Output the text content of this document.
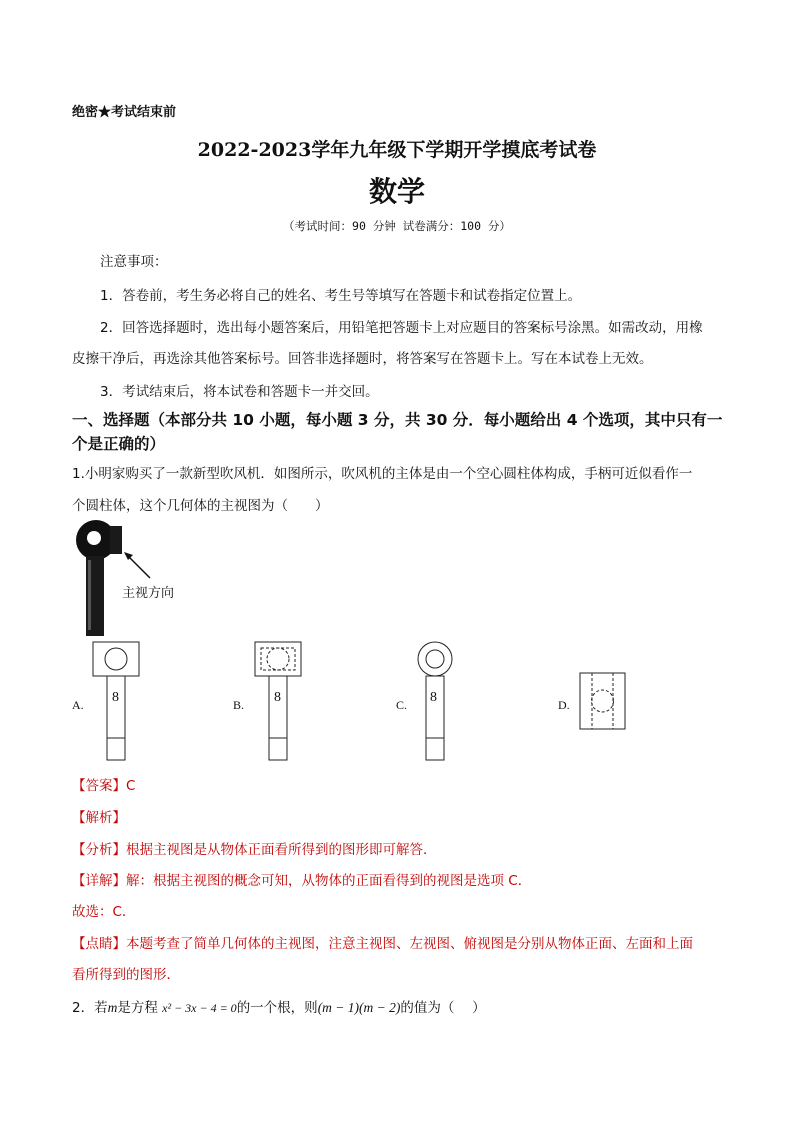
绝密★考试结束前
2022-2023学年九年级下学期开学摸底考试卷
数学
（考试时间：90 分钟 试卷满分：100 分）
注意事项：
1．答卷前，考生务必将自己的姓名、考生号等填写在答题卡和试卷指定位置上。
2．回答选择题时，选出每小题答案后，用铅笔把答题卡上对应题目的答案标号涂黑。如需改动，用橡
皮擦干净后，再选涂其他答案标号。回答非选择题时，将答案写在答题卡上。写在本试卷上无效。
3．考试结束后，将本试卷和答题卡一并交回。
一、选择题（本部分共 10 小题，每小题 3 分，共 30 分．每小题给出 4 个选项，其中只有一
个是正确的）
1.小明家购买了一款新型吹风机．如图所示，吹风机的主体是由一个空心圆柱体构成，手柄可近似看作一
个圆柱体，这个几何体的主视图为（　　）
主视方向
A. 8	B. 8	C. 8	D.
【答案】C
【解析】
【分析】根据主视图是从物体正面看所得到的图形即可解答．
【详解】解：根据主视图的概念可知，从物体的正面看得到的视图是选项 C．
故选：C．
【点睛】本题考查了简单几何体的主视图，注意主视图、左视图、俯视图是分别从物体正面、左面和上面
看所得到的图形．
2．若m是方程 x² − 3x − 4 = 0的一个根，则(m − 1)(m − 2)的值为（　 ）
